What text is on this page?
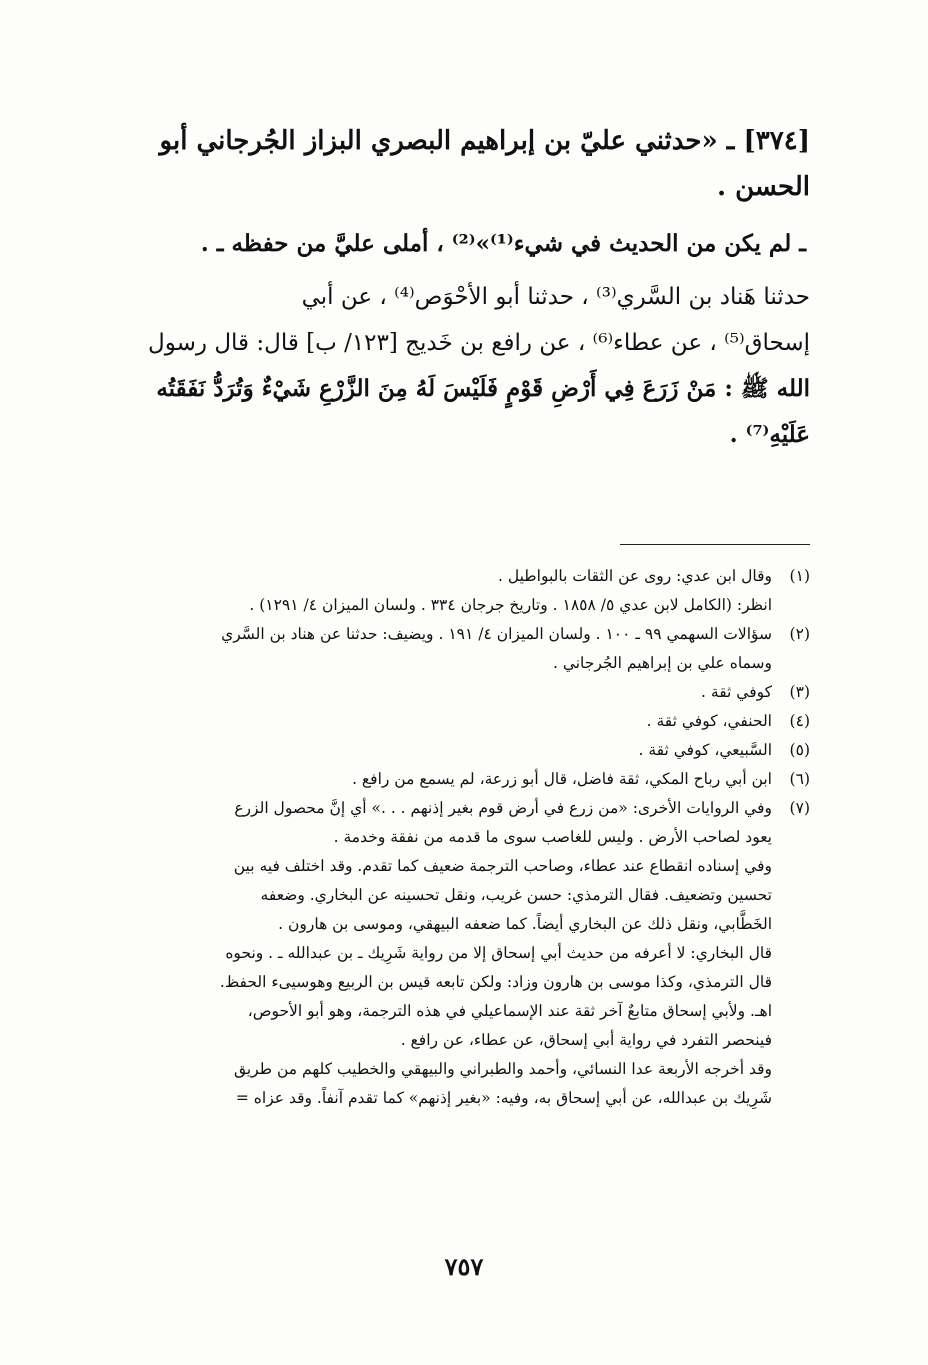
[٣٧٤] ـ «حدثني عليّ بن إبراهيم البصري البزاز الجُرجاني أبو الحسن .

ـ لم يكن من الحديث في شيء⁽¹⁾»⁽²⁾ ، أملى عليَّ من حفظه ـ .

حدثنا هَناد بن السَّري⁽³⁾ ، حدثنا أبو الأحْوَص⁽⁴⁾ ، عن أبي
إسحاق⁽⁵⁾ ، عن عطاء⁽⁶⁾ ، عن رافع بن خَديج [١٢٣/ ب] قال: قال رسول
الله ﷺ : مَنْ زَرَعَ فِي أَرْضِ قَوْمٍ فَلَيْسَ لَهُ مِنَ الزَّرْعِ شَيْءٌ وَتُرَدُّ نَفَقَتُه
عَلَيْهِ⁽⁷⁾ .

(١)
وقال ابن عدي: روى عن الثقات بالبواطيل .
انظر: (الكامل لابن عدي ٥/ ١٨٥٨ . وتاريخ جرجان ٣٣٤ . ولسان الميزان ٤/ ١٢٩١) .
(٢)
سؤالات السهمي ٩٩ ـ ١٠٠ . ولسان الميزان ٤/ ١٩١ . ويضيف: حدثنا عن هناد بن السَّري
وسماه علي بن إبراهيم الجُرجاني .
(٣)
كوفي ثقة .
(٤)
الحنفي، كوفي ثقة .
(٥)
السَّبيعي، كوفي ثقة .
(٦)
ابن أبي رباح المكي، ثقة فاضل، قال أبو زرعة، لم يسمع من رافع .
(٧)
وفي الروايات الأخرى: «من زرع في أرض قوم بغير إذنهم . . .» أي إنَّ محصول الزرع
يعود لصاحب الأرض . وليس للغاصب سوى ما قدمه من نفقة وخدمة .

وفي إسناده انقطاع عند عطاء، وصاحب الترجمة ضعيف كما تقدم. وقد اختلف فيه بين
تحسين وتضعيف. فقال الترمذي: حسن غريب، ونقل تحسينه عن البخاري. وضعفه
الخَطَّابي، ونقل ذلك عن البخاري أيضاً. كما ضعفه البيهقي، وموسى بن هارون .

قال البخاري: لا أعرفه من حديث أبي إسحاق إلا من رواية شَرِيك ـ بن عبدالله ـ . ونحوه
قال الترمذي، وكذا موسى بن هارون وزاد: ولكن تابعه قيس بن الربيع وهوسيىء الحفظ.
اهـ. ولأبي إسحاق متابعٌ آخر ثقة عند الإسماعيلي في هذه الترجمة، وهو أبو الأحوص،
فينحصر التفرد في رواية أبي إسحاق، عن عطاء، عن رافع .

وقد أخرجه الأربعة عدا النسائي، وأحمد والطبراني والبيهقي والخطيب كلهم من طريق
شَرِيك بن عبدالله، عن أبي إسحاق به، وفيه: «بغير إذنهم» كما تقدم آنفاً. وقد عزاه =

٧٥٧
